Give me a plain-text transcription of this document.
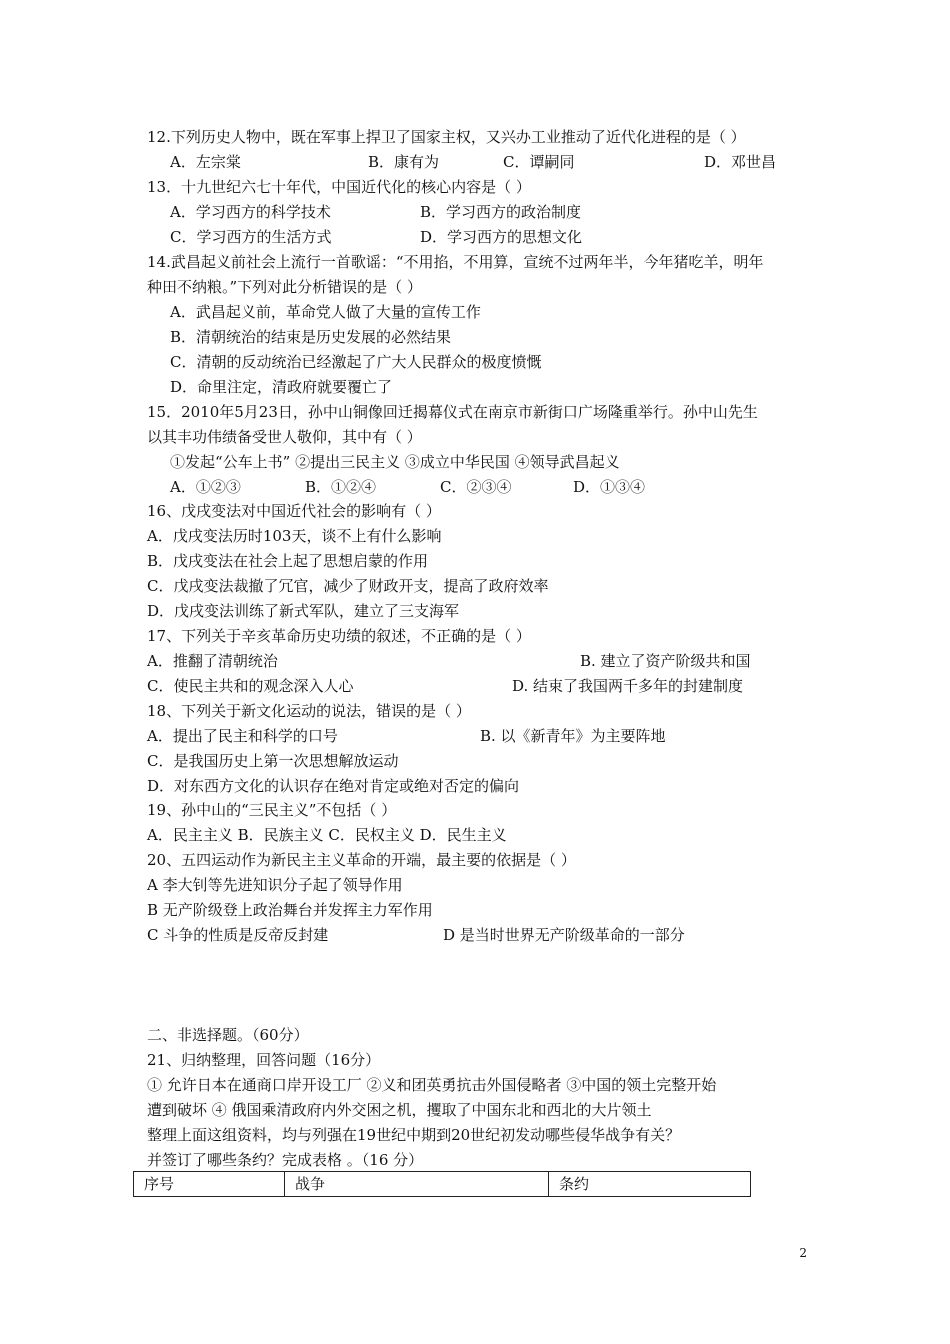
12.下列历史人物中，既在军事上捍卫了国家主权，又兴办工业推动了近代化进程的是（ ）
A．左宗棠	B．康有为	C．谭嗣同	D．邓世昌
13．十九世纪六七十年代，中国近代化的核心内容是（ ）
A．学习西方的科学技术	B．学习西方的政治制度
C．学习西方的生活方式	D．学习西方的思想文化
14.武昌起义前社会上流行一首歌谣：“不用掐，不用算，宣统不过两年半，今年猪吃羊，明年
种田不纳粮。”下列对此分析错误的是（ ）
A．武昌起义前，革命党人做了大量的宣传工作
B．清朝统治的结束是历史发展的必然结果
C．清朝的反动统治已经激起了广大人民群众的极度愤慨
D．命里注定，清政府就要覆亡了
15．2010年5月23日，孙中山铜像回迁揭幕仪式在南京市新街口广场隆重举行。孙中山先生
以其丰功伟绩备受世人敬仰，其中有（ ）
①发起“公车上书” ②提出三民主义 ③成立中华民国 ④领导武昌起义
A．①②③	B．①②④	C．②③④	D．①③④
16、戊戌变法对中国近代社会的影响有（ ）
A．戊戌变法历时103天，谈不上有什么影响
B．戊戌变法在社会上起了思想启蒙的作用
C．戊戌变法裁撤了冗官，减少了财政开支，提高了政府效率
D．戊戌变法训练了新式军队，建立了三支海军
17、下列关于辛亥革命历史功绩的叙述，不正确的是（ ）
A．推翻了清朝统治	B. 建立了资产阶级共和国
C．使民主共和的观念深入人心	D. 结束了我国两千多年的封建制度
18、下列关于新文化运动的说法，错误的是（ ）
A．提出了民主和科学的口号	B. 以《新青年》为主要阵地
C．是我国历史上第一次思想解放运动
D．对东西方文化的认识存在绝对肯定或绝对否定的偏向
19、孙中山的“三民主义”不包括（ ）
A．民主主义 B．民族主义 C．民权主义 D．民生主义
20、五四运动作为新民主主义革命的开端，最主要的依据是（ ）
A 李大钊等先进知识分子起了领导作用
B 无产阶级登上政治舞台并发挥主力军作用
C 斗争的性质是反帝反封建	D 是当时世界无产阶级革命的一部分
二、非选择题。（60分）
21、归纳整理，回答问题（16分）
① 允许日本在通商口岸开设工厂 ②义和团英勇抗击外国侵略者 ③中国的领土完整开始
遭到破坏 ④ 俄国乘清政府内外交困之机，攫取了中国东北和西北的大片领土
整理上面这组资料，均与列强在19世纪中期到20世纪初发动哪些侵华战争有关？
并签订了哪些条约？完成表格 。（16 分）
序号	战争	条约
2
